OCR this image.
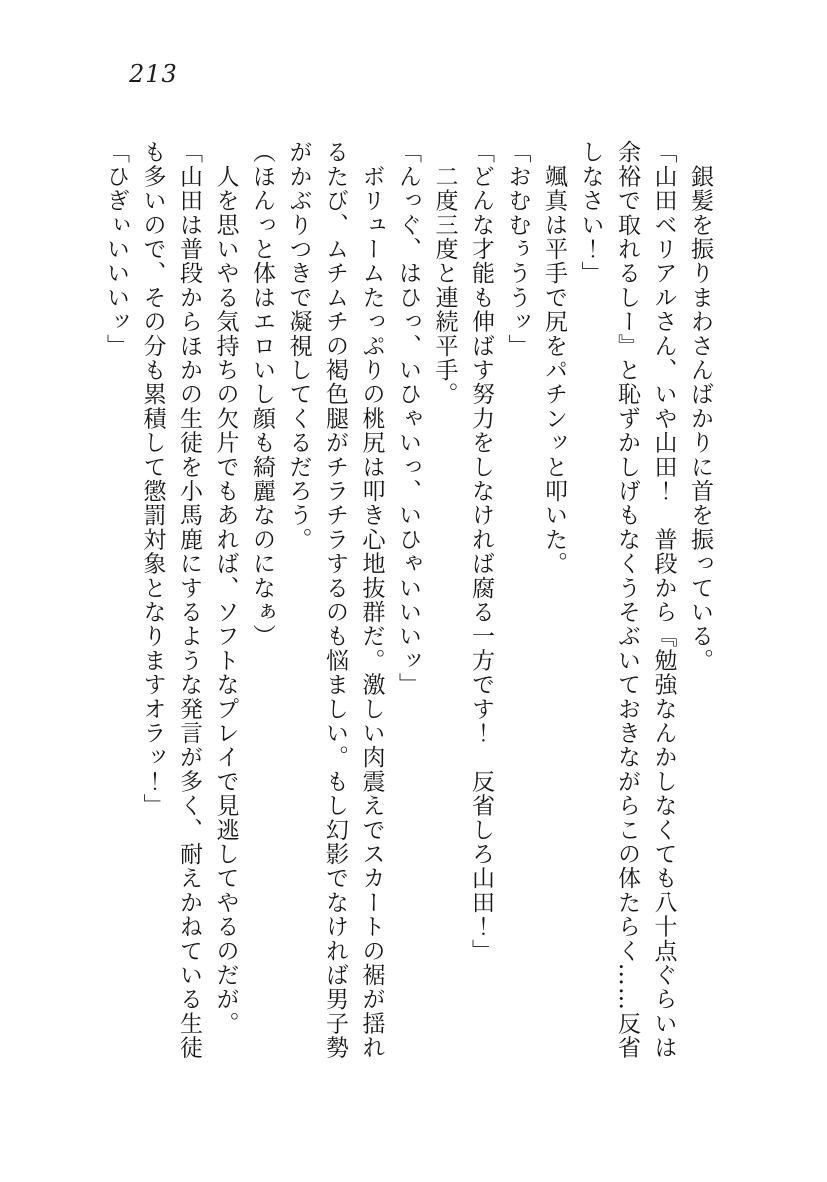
213
　銀髪を振りまわさんばかりに首を振っている。
「山田ベリアルさん、いや山田！　普段から『勉強なんかしなくても八十点ぐらいは
余裕で取れるしー』と恥ずかしげもなくうそぶいておきながらこの体たらく……反省
しなさい！」
　颯真は平手で尻をパチンッと叩いた。
「おむむぅううッ」
「どんな才能も伸ばす努力をしなければ腐る一方です！　反省しろ山田！」
　二度三度と連続平手。
「んっぐ、はひっ、いひゃいっ、いひゃいいいッ」
　ボリュームたっぷりの桃尻は叩き心地抜群だ。激しい肉震えでスカートの裾が揺れ
るたび、ムチムチの褐色腿がチラチラするのも悩ましい。もし幻影でなければ男子勢
がかぶりつきで凝視してくるだろう。
（ほんっと体はエロいし顔も綺麗なのになぁ）
　人を思いやる気持ちの欠片でもあれば、ソフトなプレイで見逃してやるのだが。
「山田は普段からほかの生徒を小馬鹿にするような発言が多く、耐えかねている生徒
も多いので、その分も累積して懲罰対象となりますオラッ！」
「ひぎぃいいいッ」
